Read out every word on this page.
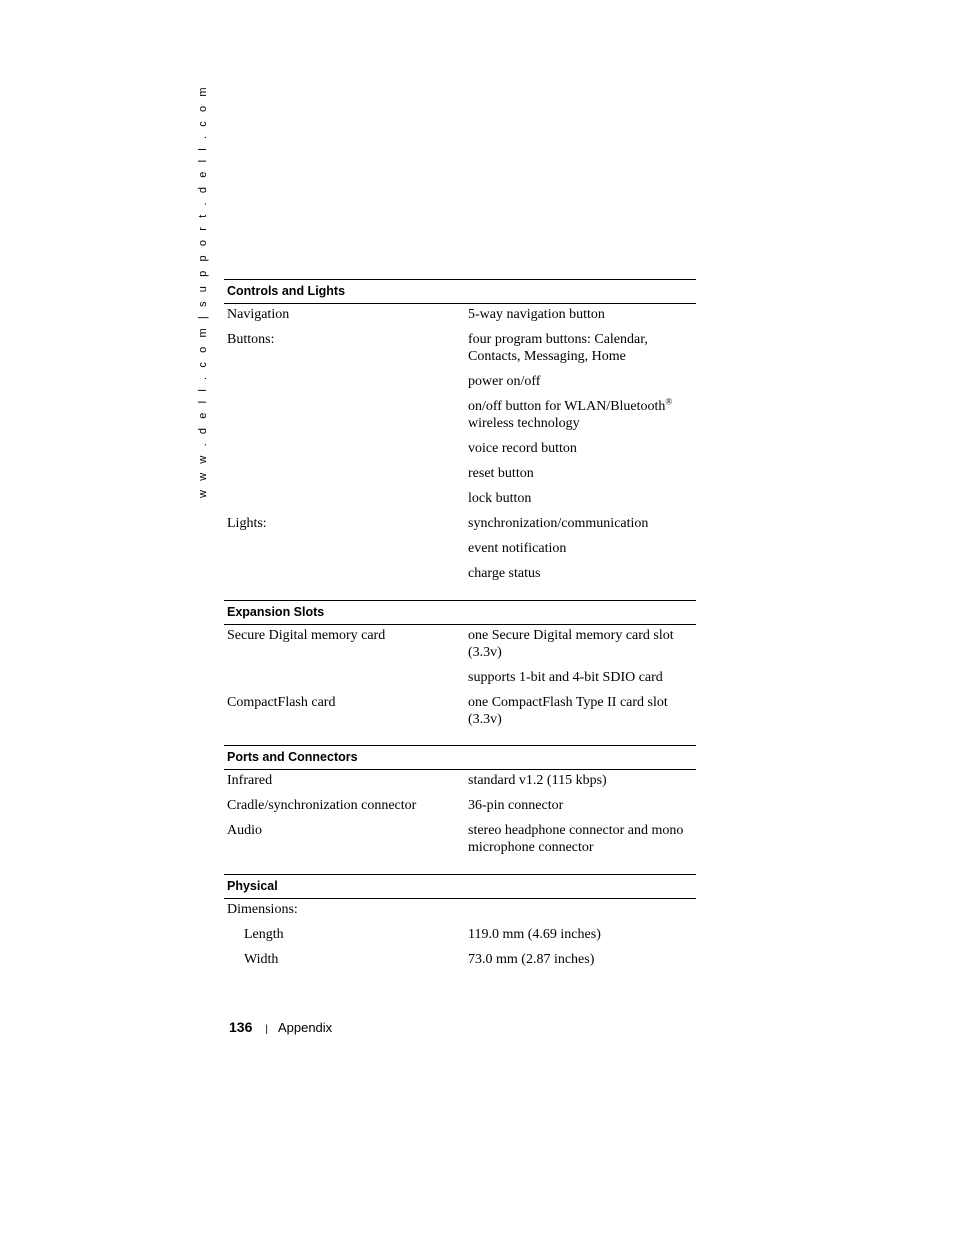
w w w . d e l l . c o m | s u p p o r t . d e l l . c o m Controls and Lights
Navigation	5-way navigation button
Buttons:	four program buttons: Calendar, Contacts, Messaging, Home
power on/off
on/off button for WLAN/Bluetooth®
wireless technology
voice record button
reset button
lock button
Lights:	synchronization/communication
event notification
charge status
Expansion Slots
Secure Digital memory card	one Secure Digital memory card slot (3.3v)
supports 1-bit and 4-bit SDIO card
CompactFlash card	one CompactFlash Type II card slot (3.3v)
Ports and Connectors
Infrared	standard v1.2 (115 kbps)
Cradle/synchronization connector	36-pin connector
Audio	stereo headphone connector and mono microphone connector
Physical
Dimensions:
Length	119.0 mm (4.69 inches)
Width	73.0 mm (2.87 inches)
136 | Appendix
